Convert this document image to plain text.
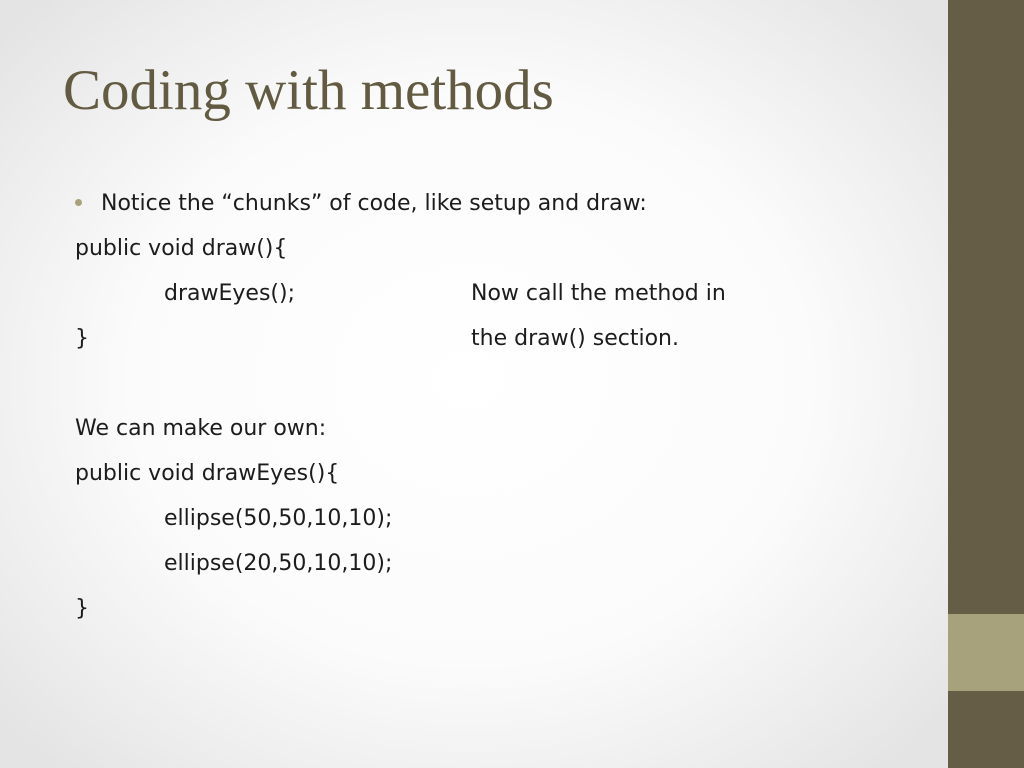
Coding with methods
Notice the “chunks” of code, like setup and draw:
public void draw(){
drawEyes();	Now call the method in
}	the draw() section.
We can make our own:
public void drawEyes(){
ellipse(50,50,10,10);
ellipse(20,50,10,10);
}
